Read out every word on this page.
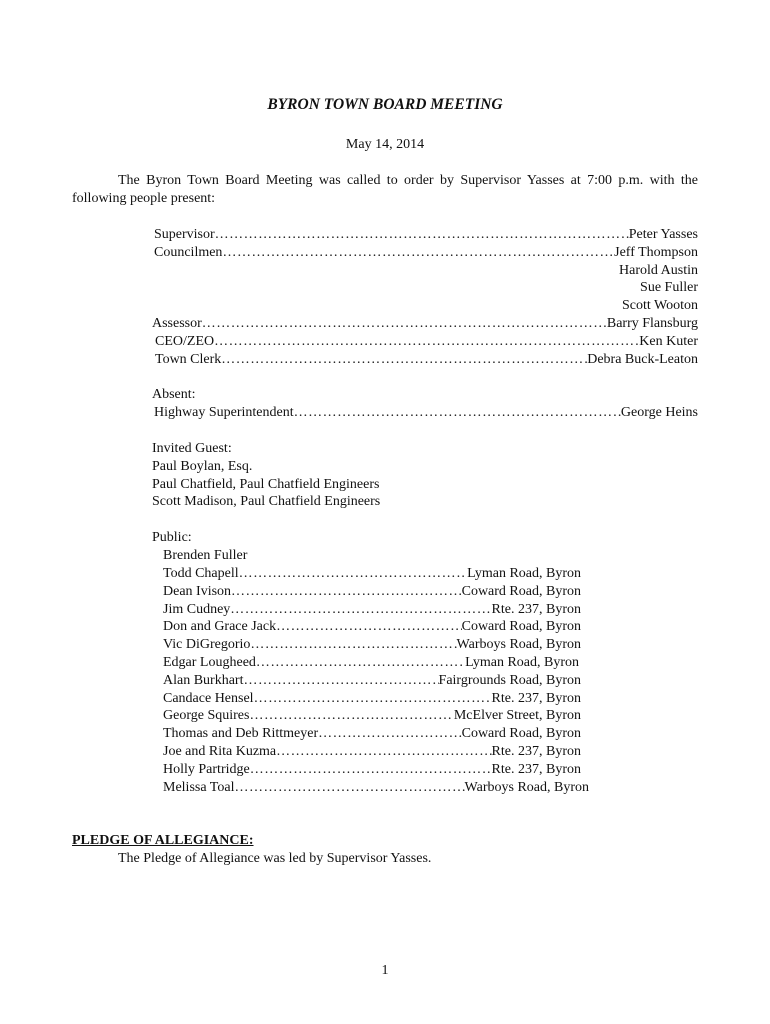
BYRON TOWN BOARD MEETING
May 14, 2014
The Byron Town Board Meeting was called to order by Supervisor Yasses at 7:00 p.m. with the following people present:
Supervisor ……………………………………………………………………………………………………………………………………………………………………	Peter Yasses
Councilmen ……………………………………………………………………………………………………………………………………………………………………	Jeff Thompson
Harold Austin
Sue Fuller
Scott Wooton
Assessor ……………………………………………………………………………………………………………………………………………………………………	Barry Flansburg
CEO/ZEO ……………………………………………………………………………………………………………………………………………………………………	Ken Kuter
Town Clerk ……………………………………………………………………………………………………………………………………………………………………	Debra Buck-Leaton
Absent:
Highway Superintendent ……………………………………………………………………………………………………………………………………………………………………	George Heins
Invited Guest:
Paul Boylan, Esq.
Paul Chatfield, Paul Chatfield Engineers
Scott Madison, Paul Chatfield Engineers
Public:
Brenden Fuller
Todd Chapell ……………………………………………………………………………………………………………………………………………………………………	Lyman Road, Byron
Dean Ivison ……………………………………………………………………………………………………………………………………………………………………	Coward Road, Byron
Jim Cudney ……………………………………………………………………………………………………………………………………………………………………	Rte. 237, Byron
Don and Grace Jack ……………………………………………………………………………………………………………………………………………………………………	Coward Road, Byron
Vic DiGregorio ……………………………………………………………………………………………………………………………………………………………………	Warboys Road, Byron
Edgar Lougheed ……………………………………………………………………………………………………………………………………………………………………	Lyman Road, Byron
Alan Burkhart ……………………………………………………………………………………………………………………………………………………………………	Fairgrounds Road, Byron
Candace Hensel ……………………………………………………………………………………………………………………………………………………………………	Rte. 237, Byron
George Squires ……………………………………………………………………………………………………………………………………………………………………	McElver Street, Byron
Thomas and Deb Rittmeyer ……………………………………………………………………………………………………………………………………………………………………	Coward Road, Byron
Joe and Rita Kuzma ……………………………………………………………………………………………………………………………………………………………………	Rte. 237, Byron
Holly Partridge ……………………………………………………………………………………………………………………………………………………………………	Rte. 237, Byron
Melissa Toal ……………………………………………………………………………………………………………………………………………………………………	Warboys Road, Byron
PLEDGE OF ALLEGIANCE:
The Pledge of Allegiance was led by Supervisor Yasses.
1
